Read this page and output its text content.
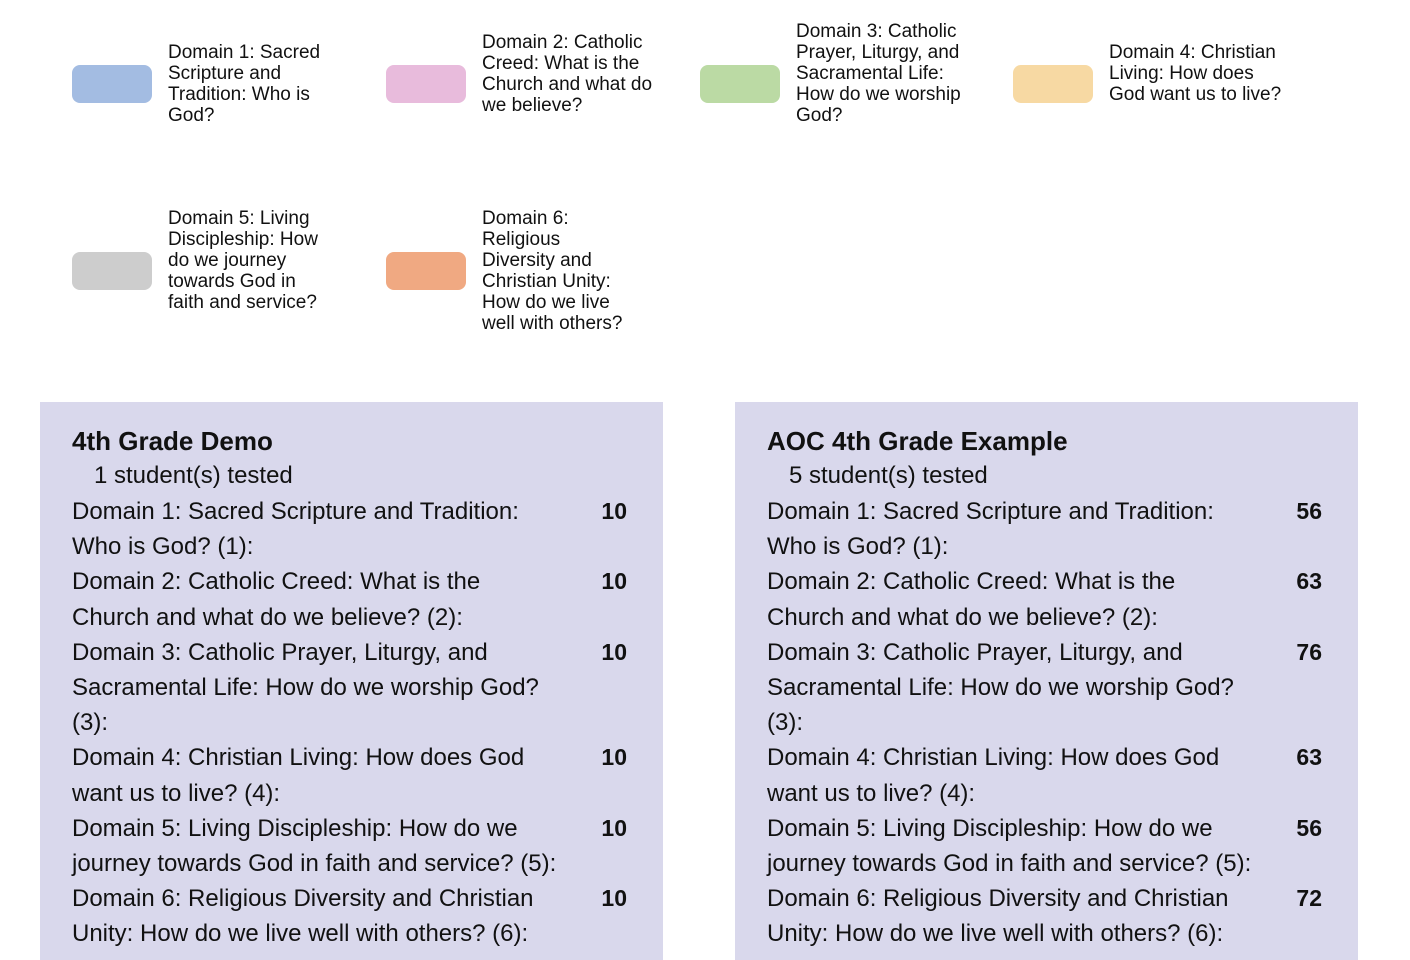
Domain 1: Sacred Scripture and Tradition: Who is God?
Domain 2: Catholic Creed: What is the Church and what do we believe?
Domain 3: Catholic Prayer, Liturgy, and Sacramental Life: How do we worship God?
Domain 4: Christian Living: How does God want us to live?
Domain 5: Living Discipleship: How do we journey towards God in faith and service?
Domain 6: Religious Diversity and Christian Unity: How do we live well with others?
4th Grade Demo
1 student(s) tested
Domain 1: Sacred Scripture and Tradition: Who is God? (1):
10
Domain 2: Catholic Creed: What is the Church and what do we believe? (2):
10
Domain 3: Catholic Prayer, Liturgy, and Sacramental Life: How do we worship God? (3):
10
Domain 4: Christian Living: How does God want us to live? (4):
10
Domain 5: Living Discipleship: How do we journey towards God in faith and service? (5):
10
Domain 6: Religious Diversity and Christian Unity: How do we live well with others? (6):
10
AOC 4th Grade Example
5 student(s) tested
Domain 1: Sacred Scripture and Tradition: Who is God? (1):
56
Domain 2: Catholic Creed: What is the Church and what do we believe? (2):
63
Domain 3: Catholic Prayer, Liturgy, and Sacramental Life: How do we worship God? (3):
76
Domain 4: Christian Living: How does God want us to live? (4):
63
Domain 5: Living Discipleship: How do we journey towards God in faith and service? (5):
56
Domain 6: Religious Diversity and Christian Unity: How do we live well with others? (6):
72
